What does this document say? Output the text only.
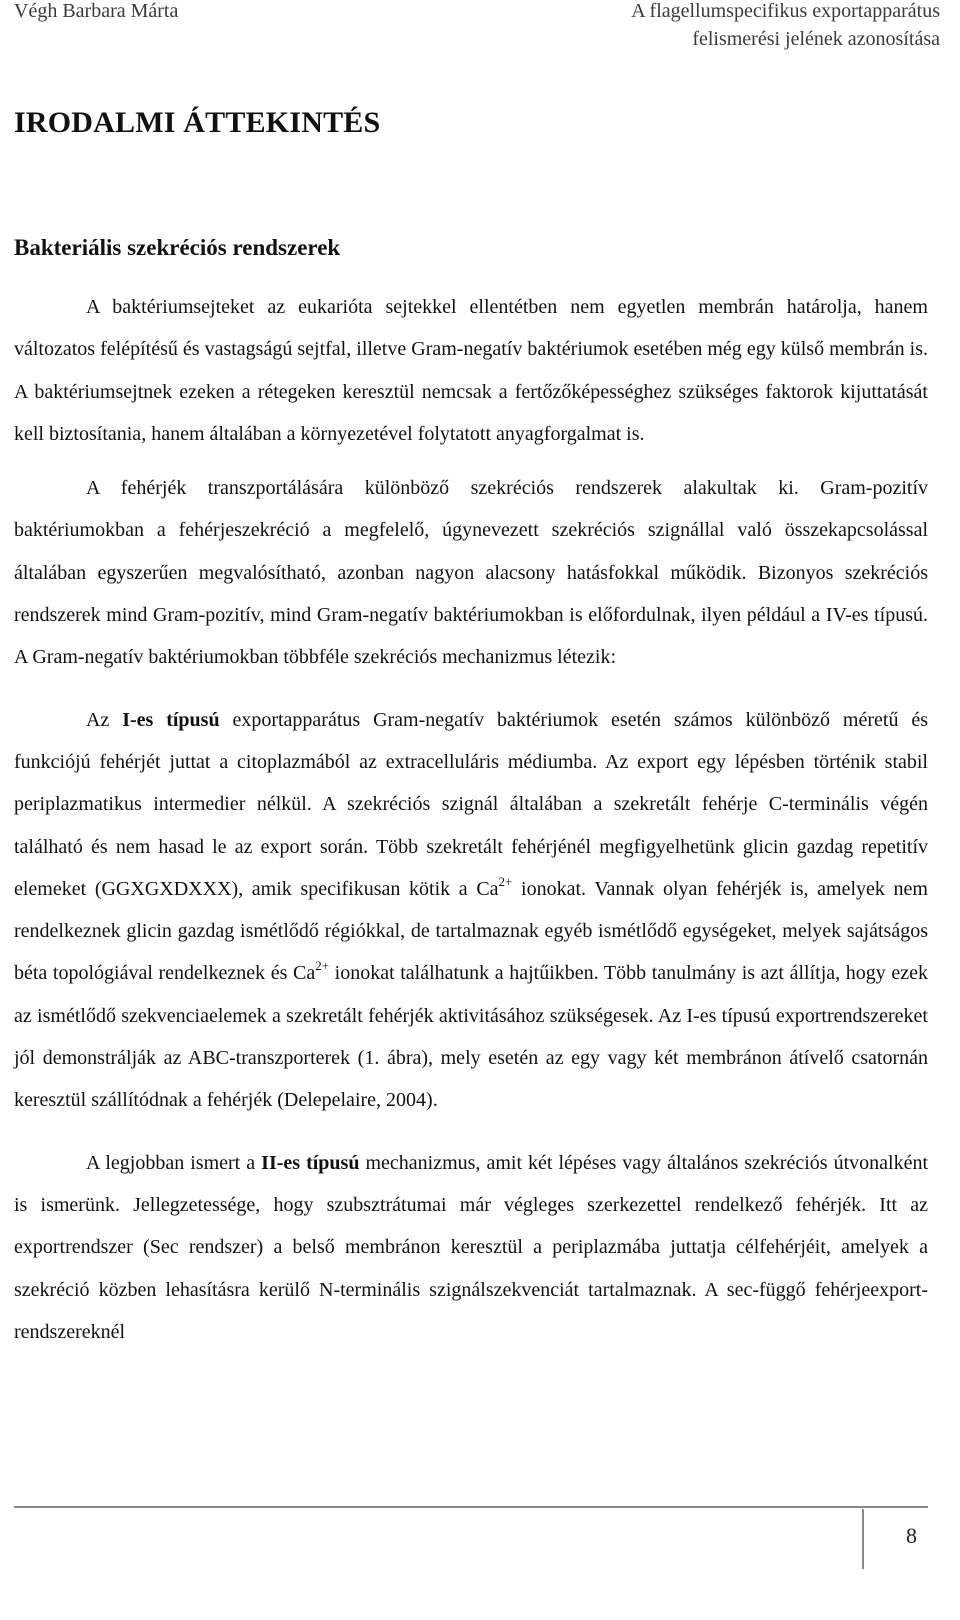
Végh Barbara Márta	A flagellumspecifikus exportapparátus
felismerési jelének azonosítása
IRODALMI ÁTTEKINTÉS
Bakteriális szekréciós rendszerek

A baktériumsejteket az eukarióta sejtekkel ellentétben nem egyetlen membrán határolja, hanem változatos felépítésű és vastagságú sejtfal, illetve Gram-negatív baktériumok esetében még egy külső membrán is. A baktériumsejtnek ezeken a rétegeken keresztül nemcsak a fertőzőképességhez szükséges faktorok kijuttatását kell biztosítania, hanem általában a környezetével folytatott anyagforgalmat is.

A fehérjék transzportálására különböző szekréciós rendszerek alakultak ki. Gram-pozitív baktériumokban a fehérjeszekréció a megfelelő, úgynevezett szekréciós szignállal való összekapcsolással általában egyszerűen megvalósítható, azonban nagyon alacsony hatásfokkal működik. Bizonyos szekréciós rendszerek mind Gram-pozitív, mind Gram-negatív baktériumokban is előfordulnak, ilyen például a IV-es típusú. A Gram-negatív baktériumokban többféle szekréciós mechanizmus létezik:

Az I-es típusú exportapparátus Gram-negatív baktériumok esetén számos különböző méretű és funkciójú fehérjét juttat a citoplazmából az extracelluláris médiumba. Az export egy lépésben történik stabil periplazmatikus intermedier nélkül. A szekréciós szignál általában a szekretált fehérje C-terminális végén található és nem hasad le az export során. Több szekretált fehérjénél megfigyelhetünk glicin gazdag repetitív elemeket (GGXGXDXXX), amik specifikusan kötik a $Ca^{2+}$ ionokat. Vannak olyan fehérjék is, amelyek nem rendelkeznek glicin gazdag ismétlődő régiókkal, de tartalmaznak egyéb ismétlődő egységeket, melyek sajátságos béta topológiával rendelkeznek és $Ca^{2+}$ ionokat találhatunk a hajtűikben. Több tanulmány is azt állítja, hogy ezek az ismétlődő szekvenciaelemek a szekretált fehérjék aktivitásához szükségesek. Az I-es típusú exportrendszereket jól demonstrálják az ABC-transzporterek (1. ábra), mely esetén az egy vagy két membránon átívelő csatornán keresztül szállítódnak a fehérjék (Delepelaire, 2004).

A legjobban ismert a II-es típusú mechanizmus, amit két lépéses vagy általános szekréciós útvonalként is ismerünk. Jellegzetessége, hogy szubsztrátumai már végleges szerkezettel rendelkező fehérjék. Itt az exportrendszer (Sec rendszer) a belső membránon keresztül a periplazmába juttatja célfehérjéit, amelyek a szekréció közben lehasításra kerülő N-terminális szignálszekvenciát tartalmaznak. A sec-függő fehérjeexport-rendszereknél

8
